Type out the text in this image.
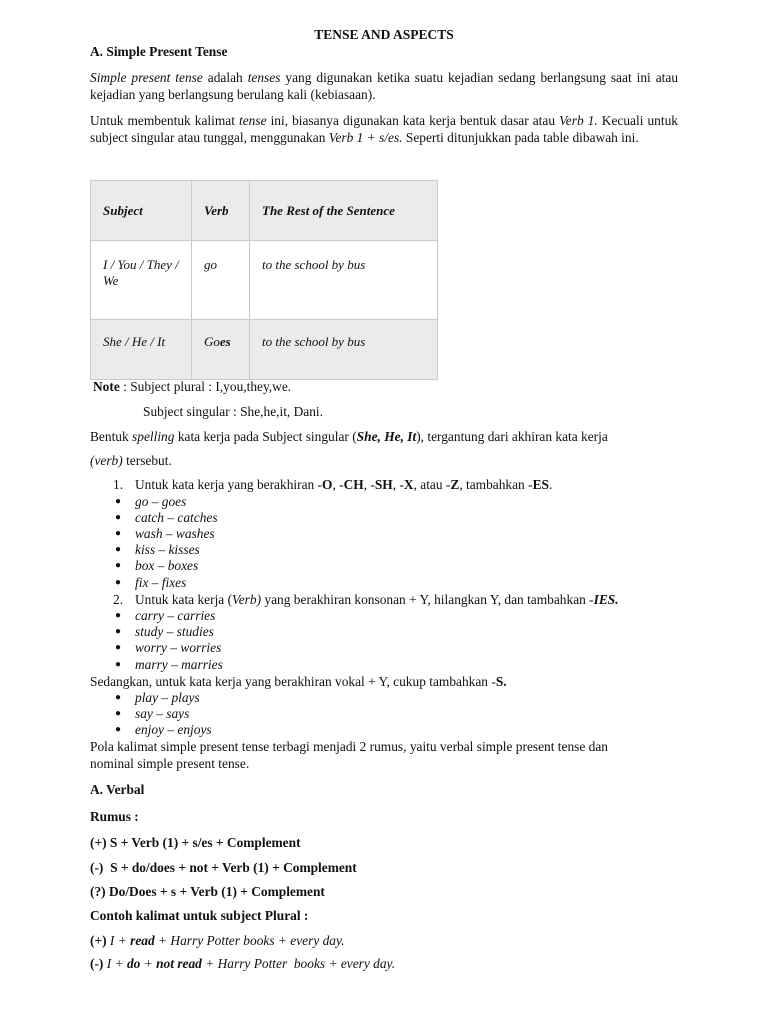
TENSE AND ASPECTS
A. Simple Present Tense
Simple present tense adalah tenses yang digunakan ketika suatu kejadian sedang berlangsung saat ini atau kejadian yang berlangsung berulang kali (kebiasaan).
Untuk membentuk kalimat tense ini, biasanya digunakan kata kerja bentuk dasar atau Verb 1. Kecuali untuk subject singular atau tunggal, menggunakan Verb 1 + s/es. Seperti ditunjukkan pada table dibawah ini.
Subject	Verb	The Rest of the Sentence
I / You / They / We	go	to the school by bus
She / He / It	Goes	to the school by bus
Note : Subject plural : I,you,they,we.
Subject singular : She,he,it, Dani.
Bentuk spelling kata kerja pada Subject singular (She, He, It), tergantung dari akhiran kata kerja
(verb) tersebut.
1. Untuk kata kerja yang berakhiran -O, -CH, -SH, -X, atau -Z, tambahkan -ES.
● go – goes
● catch – catches
● wash – washes
● kiss – kisses
● box – boxes
● fix – fixes
2. Untuk kata kerja (Verb) yang berakhiran konsonan + Y, hilangkan Y, dan tambahkan -IES.
● carry – carries
● study – studies
● worry – worries
● marry – marries
Sedangkan, untuk kata kerja yang berakhiran vokal + Y, cukup tambahkan -S.
● play – plays
● say – says
● enjoy – enjoys
Pola kalimat simple present tense terbagi menjadi 2 rumus, yaitu verbal simple present tense dan nominal simple present tense.
A. Verbal
Rumus :
(+) S + Verb (1) + s/es + Complement
(-)  S + do/does + not + Verb (1) + Complement
(?) Do/Does + s + Verb (1) + Complement
Contoh kalimat untuk subject Plural :
(+) I + read + Harry Potter books + every day.
(-) I + do + not read + Harry Potter  books + every day.
